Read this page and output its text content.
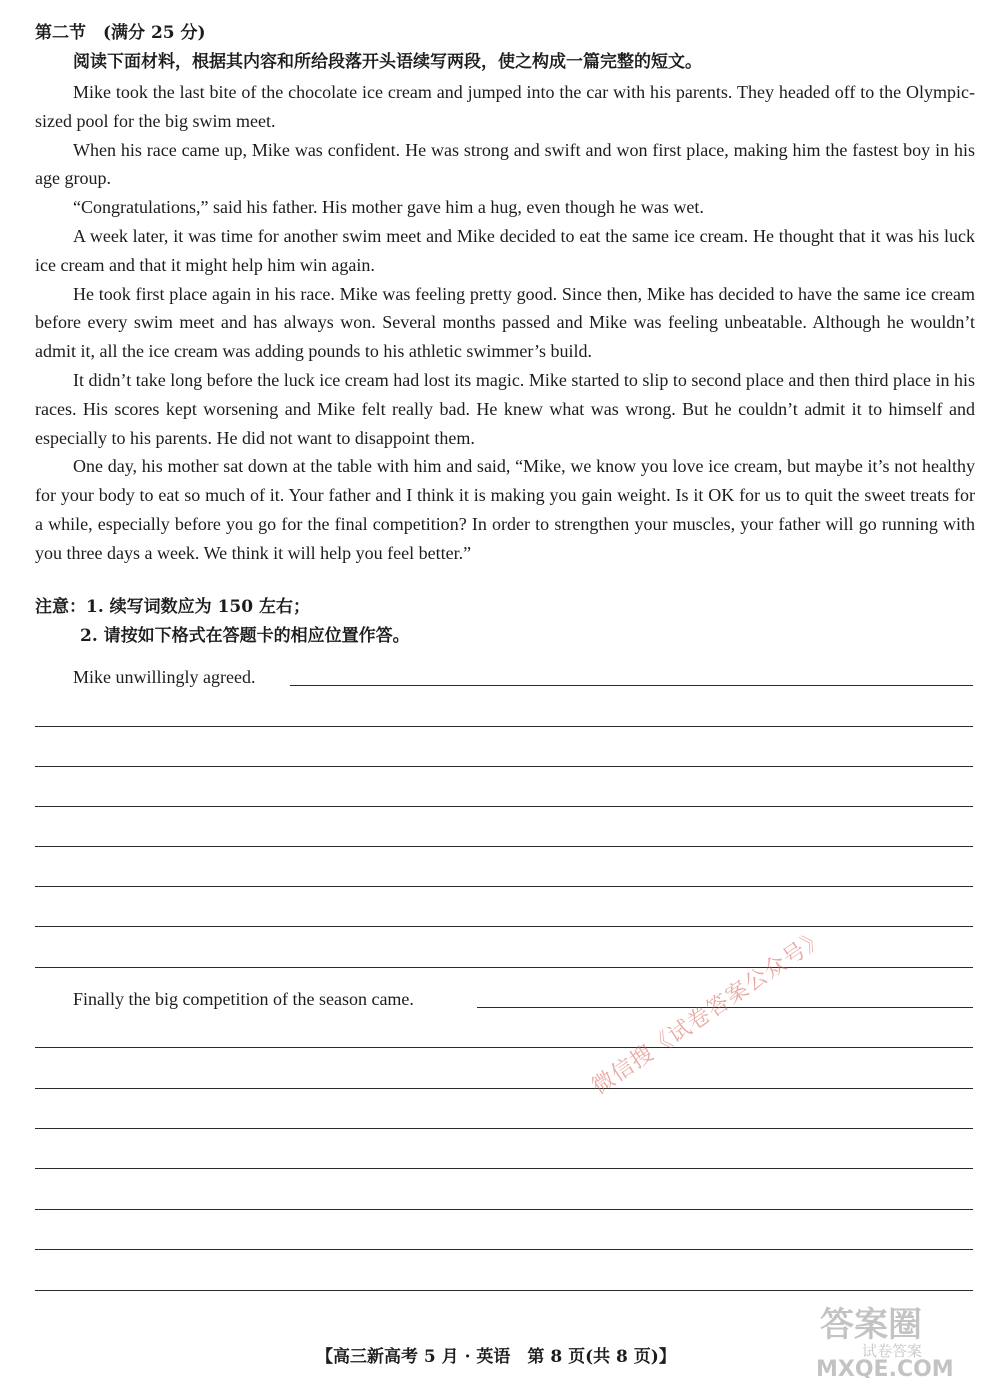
第二节　(满分 25 分)
阅读下面材料，根据其内容和所给段落开头语续写两段，使之构成一篇完整的短文。

Mike took the last bite of the chocolate ice cream and jumped into the car with his parents. They headed off to the Olympic-sized pool for the big swim meet.

When his race came up, Mike was confident. He was strong and swift and won first place, making him the fastest boy in his age group.

“Congratulations,” said his father. His mother gave him a hug, even though he was wet.

A week later, it was time for another swim meet and Mike decided to eat the same ice cream. He thought that it was his luck ice cream and that it might help him win again.

He took first place again in his race. Mike was feeling pretty good. Since then, Mike has decided to have the same ice cream before every swim meet and has always won. Several months passed and Mike was feeling unbeatable. Although he wouldn’t admit it, all the ice cream was adding pounds to his athletic swimmer’s build.

It didn’t take long before the luck ice cream had lost its magic. Mike started to slip to second place and then third place in his races. His scores kept worsening and Mike felt really bad. He knew what was wrong. But he couldn’t admit it to himself and especially to his parents. He did not want to disappoint them.

One day, his mother sat down at the table with him and said, “Mike, we know you love ice cream, but maybe it’s not healthy for your body to eat so much of it. Your father and I think it is making you gain weight. Is it OK for us to quit the sweet treats for a while, especially before you go for the final competition? In order to strengthen your muscles, your father will go running with you three days a week. We think it will help you feel better.”

注意：1. 续写词数应为 150 左右；
2. 请按如下格式在答题卡的相应位置作答。
Mike unwillingly agreed.
Finally the big competition of the season came.
【高三新高考 5 月 · 英语　第 8 页(共 8 页)】
微信搜《试卷答案公众号》
答案圈
试卷答案
MXQE.COM
